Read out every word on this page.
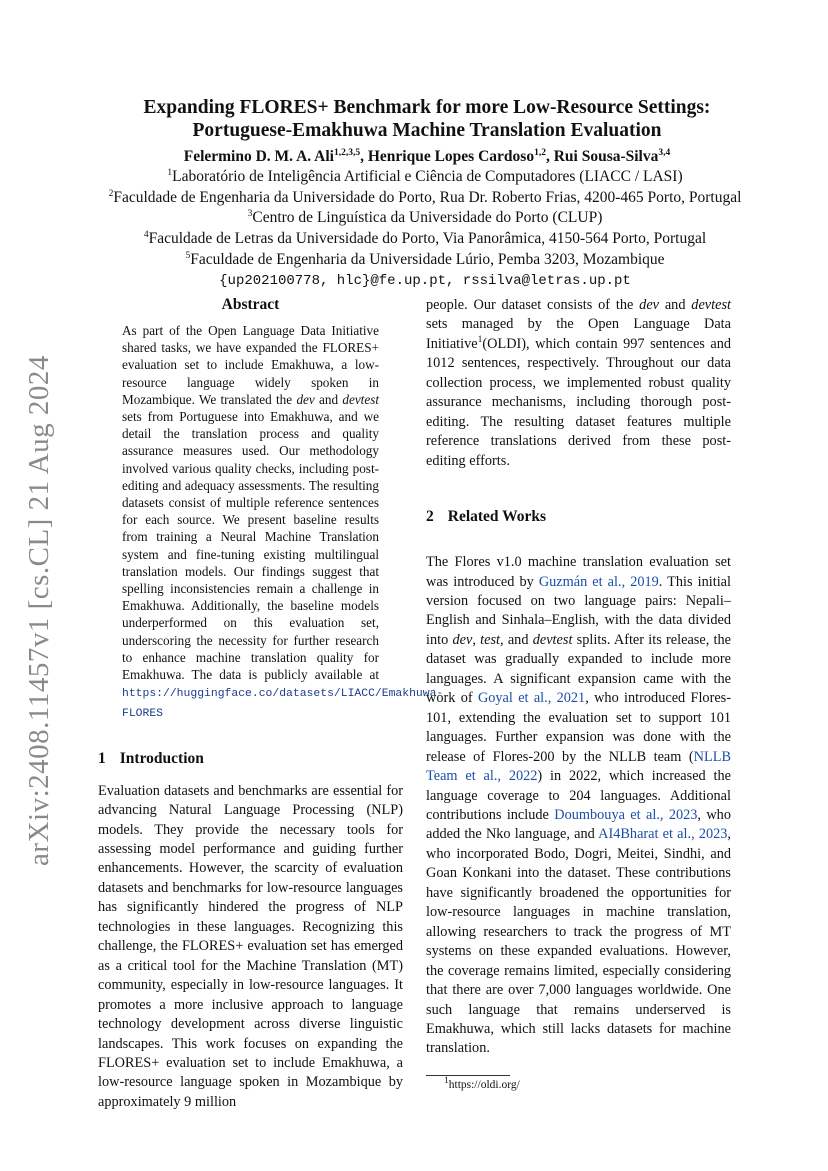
arXiv:2408.11457v1 [cs.CL] 21 Aug 2024
Expanding FLORES+ Benchmark for more Low-Resource Settings:
Portuguese-Emakhuwa Machine Translation Evaluation
Felermino D. M. A. Ali$^{1,2,3,5}$, Henrique Lopes Cardoso$^{1,2}$, Rui Sousa-Silva$^{3,4}$
$^1$Laboratório de Inteligência Artificial e Ciência de Computadores (LIACC / LASI)
$^2$Faculdade de Engenharia da Universidade do Porto, Rua Dr. Roberto Frias, 4200-465 Porto, Portugal
$^3$Centro de Linguística da Universidade do Porto (CLUP)
$^4$Faculdade de Letras da Universidade do Porto, Via Panorâmica, 4150-564 Porto, Portugal
$^5$Faculdade de Engenharia da Universidade Lúrio, Pemba 3203, Mozambique
{up202100778, hlc}@fe.up.pt, rssilva@letras.up.pt
Abstract

As part of the Open Language Data Initiative shared tasks, we have expanded the FLORES+ evaluation set to include Emakhuwa, a low-resource language widely spoken in Mozambique. We translated the dev and devtest sets from Portuguese into Emakhuwa, and we detail the translation process and quality assurance measures used. Our methodology involved various quality checks, including post-editing and adequacy assessments. The resulting datasets consist of multiple reference sentences for each source. We present baseline results from training a Neural Machine Translation system and fine-tuning existing multilingual translation models. Our findings suggest that spelling inconsistencies remain a challenge in Emakhuwa. Additionally, the baseline models underperformed on this evaluation set, underscoring the necessity for further research to enhance machine translation quality for Emakhuwa. The data is publicly available at https://huggingface.co/datasets/LIACC/Emakhuwa-FLORES

1 Introduction

Evaluation datasets and benchmarks are essential for advancing Natural Language Processing (NLP) models. They provide the necessary tools for assessing model performance and guiding further enhancements. However, the scarcity of evaluation datasets and benchmarks for low-resource languages has significantly hindered the progress of NLP technologies in these languages. Recognizing this challenge, the FLORES+ evaluation set has emerged as a critical tool for the Machine Translation (MT) community, especially in low-resource languages. It promotes a more inclusive approach to language technology development across diverse linguistic landscapes. This work focuses on expanding the FLORES+ evaluation set to include Emakhuwa, a low-resource language spoken in Mozambique by approximately 9 million

people. Our dataset consists of the dev and devtest sets managed by the Open Language Data Initiative$^1$(OLDI), which contain 997 sentences and 1012 sentences, respectively. Throughout our data collection process, we implemented robust quality assurance mechanisms, including thorough post-editing. The resulting dataset features multiple reference translations derived from these post-editing efforts.

2 Related Works

The Flores v1.0 machine translation evaluation set was introduced by Guzmán et al., 2019. This initial version focused on two language pairs: Nepali–English and Sinhala–English, with the data divided into dev, test, and devtest splits. After its release, the dataset was gradually expanded to include more languages. A significant expansion came with the work of Goyal et al., 2021, who introduced Flores-101, extending the evaluation set to support 101 languages. Further expansion was done with the release of Flores-200 by the NLLB team (NLLB Team et al., 2022) in 2022, which increased the language coverage to 204 languages. Additional contributions include Doumbouya et al., 2023, who added the Nko language, and AI4Bharat et al., 2023, who incorporated Bodo, Dogri, Meitei, Sindhi, and Goan Konkani into the dataset. These contributions have significantly broadened the opportunities for low-resource languages in machine translation, allowing researchers to track the progress of MT systems on these expanded evaluations. However, the coverage remains limited, especially considering that there are over 7,000 languages worldwide. One such language that remains underserved is Emakhuwa, which still lacks datasets for machine translation.

$^1$https://oldi.org/
